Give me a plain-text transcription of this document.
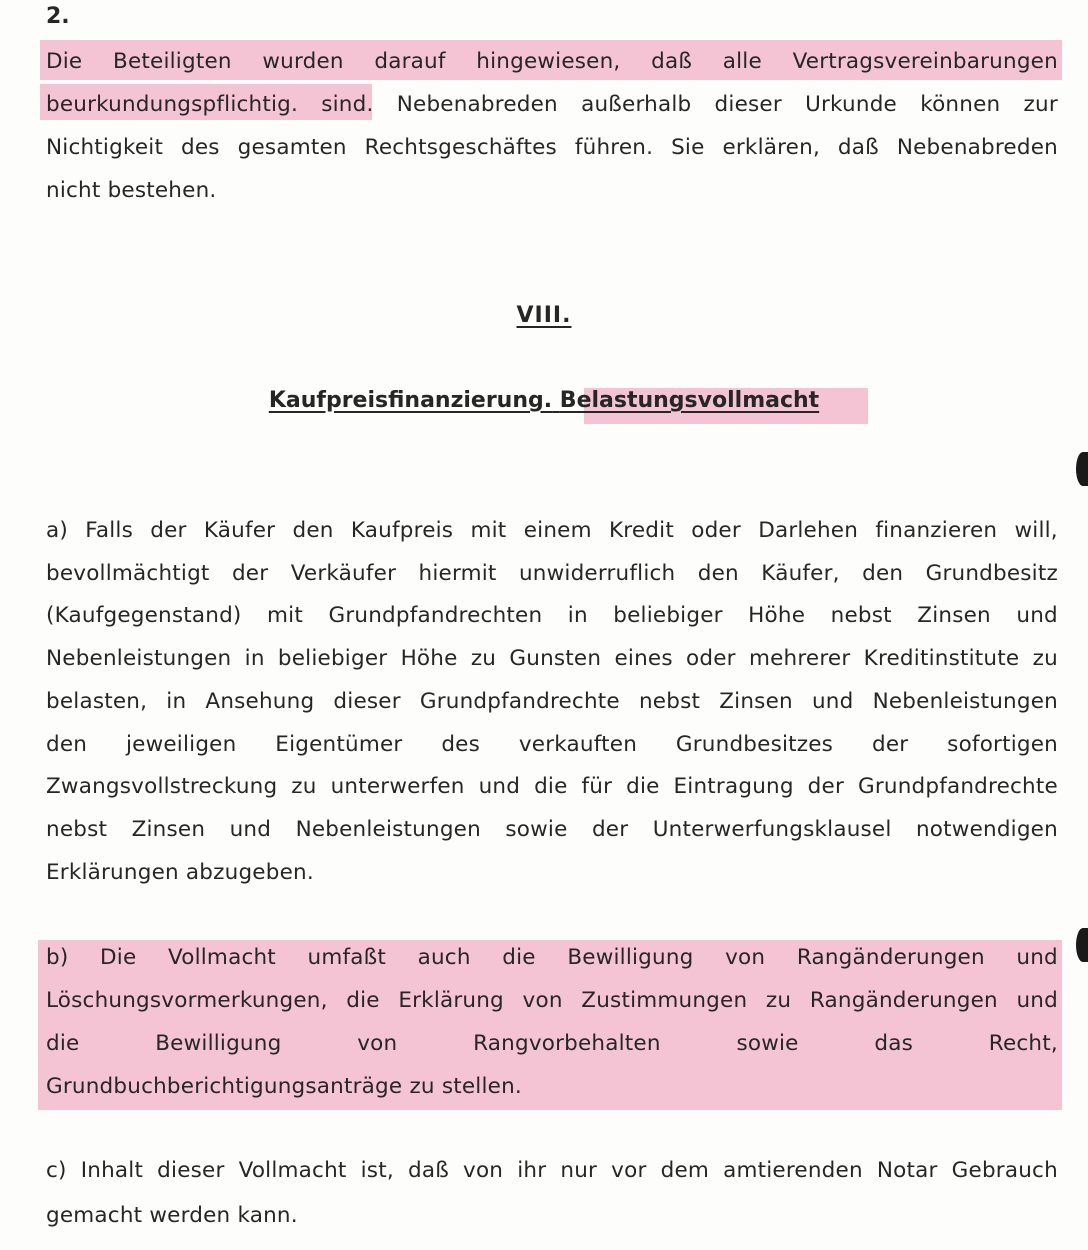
2.
Die Beteiligten wurden darauf hingewiesen, daß alle Vertragsvereinbarungen
beurkundungspflichtig. sind. Nebenabreden außerhalb dieser Urkunde können zur
Nichtigkeit des gesamten Rechtsgeschäftes führen. Sie erklären, daß Nebenabreden
nicht bestehen.
VIII.
Kaufpreisfinanzierung. Belastungsvollmacht
a) Falls der Käufer den Kaufpreis mit einem Kredit oder Darlehen finanzieren will,
bevollmächtigt der Verkäufer hiermit unwiderruflich den Käufer, den Grundbesitz
(Kaufgegenstand) mit Grundpfandrechten in beliebiger Höhe nebst Zinsen und
Nebenleistungen in beliebiger Höhe zu Gunsten eines oder mehrerer Kreditinstitute zu
belasten, in Ansehung dieser Grundpfandrechte nebst Zinsen und Nebenleistungen
den jeweiligen Eigentümer des verkauften Grundbesitzes der sofortigen
Zwangsvollstreckung zu unterwerfen und die für die Eintragung der Grundpfandrechte
nebst Zinsen und Nebenleistungen sowie der Unterwerfungsklausel notwendigen
Erklärungen abzugeben.
b) Die Vollmacht umfaßt auch die Bewilligung von Rangänderungen und
Löschungsvormerkungen, die Erklärung von Zustimmungen zu Rangänderungen und
die	Bewilligung	von	Rangvorbehalten	sowie	das	Recht,
Grundbuchberichtigungsanträge zu stellen.
c) Inhalt dieser Vollmacht ist, daß von ihr nur vor dem amtierenden Notar Gebrauch
gemacht werden kann.
